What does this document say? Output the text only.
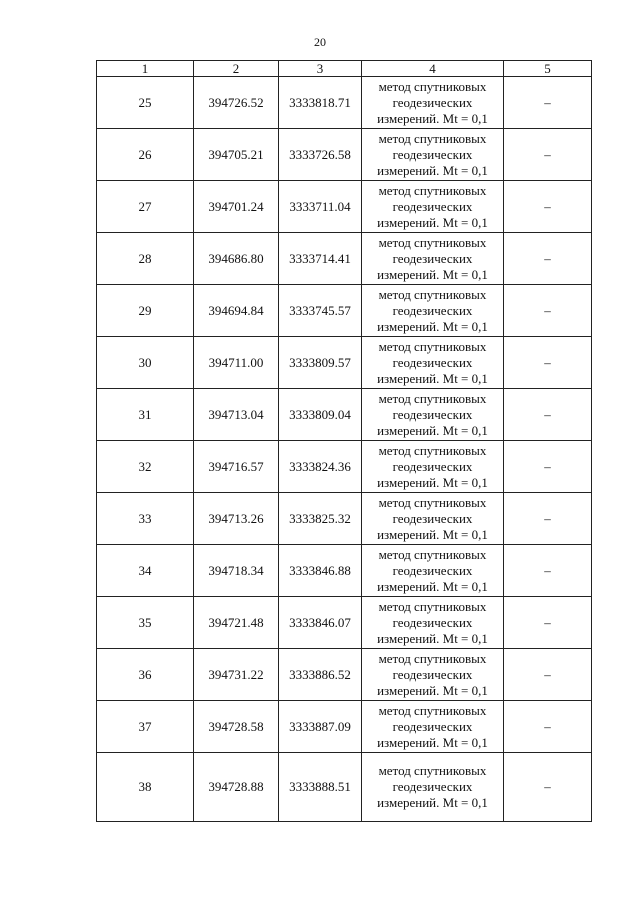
20
1	2	3	4	5
25	394726.52	3333818.71	метод спутниковых
геодезических
измерений. Mt = 0,1	–
26	394705.21	3333726.58	метод спутниковых
геодезических
измерений. Mt = 0,1	–
27	394701.24	3333711.04	метод спутниковых
геодезических
измерений. Mt = 0,1	–
28	394686.80	3333714.41	метод спутниковых
геодезических
измерений. Mt = 0,1	–
29	394694.84	3333745.57	метод спутниковых
геодезических
измерений. Mt = 0,1	–
30	394711.00	3333809.57	метод спутниковых
геодезических
измерений. Mt = 0,1	–
31	394713.04	3333809.04	метод спутниковых
геодезических
измерений. Mt = 0,1	–
32	394716.57	3333824.36	метод спутниковых
геодезических
измерений. Mt = 0,1	–
33	394713.26	3333825.32	метод спутниковых
геодезических
измерений. Mt = 0,1	–
34	394718.34	3333846.88	метод спутниковых
геодезических
измерений. Mt = 0,1	–
35	394721.48	3333846.07	метод спутниковых
геодезических
измерений. Mt = 0,1	–
36	394731.22	3333886.52	метод спутниковых
геодезических
измерений. Mt = 0,1	–
37	394728.58	3333887.09	метод спутниковых
геодезических
измерений. Mt = 0,1	–
38	394728.88	3333888.51	метод спутниковых
геодезических
измерений. Mt = 0,1	–
